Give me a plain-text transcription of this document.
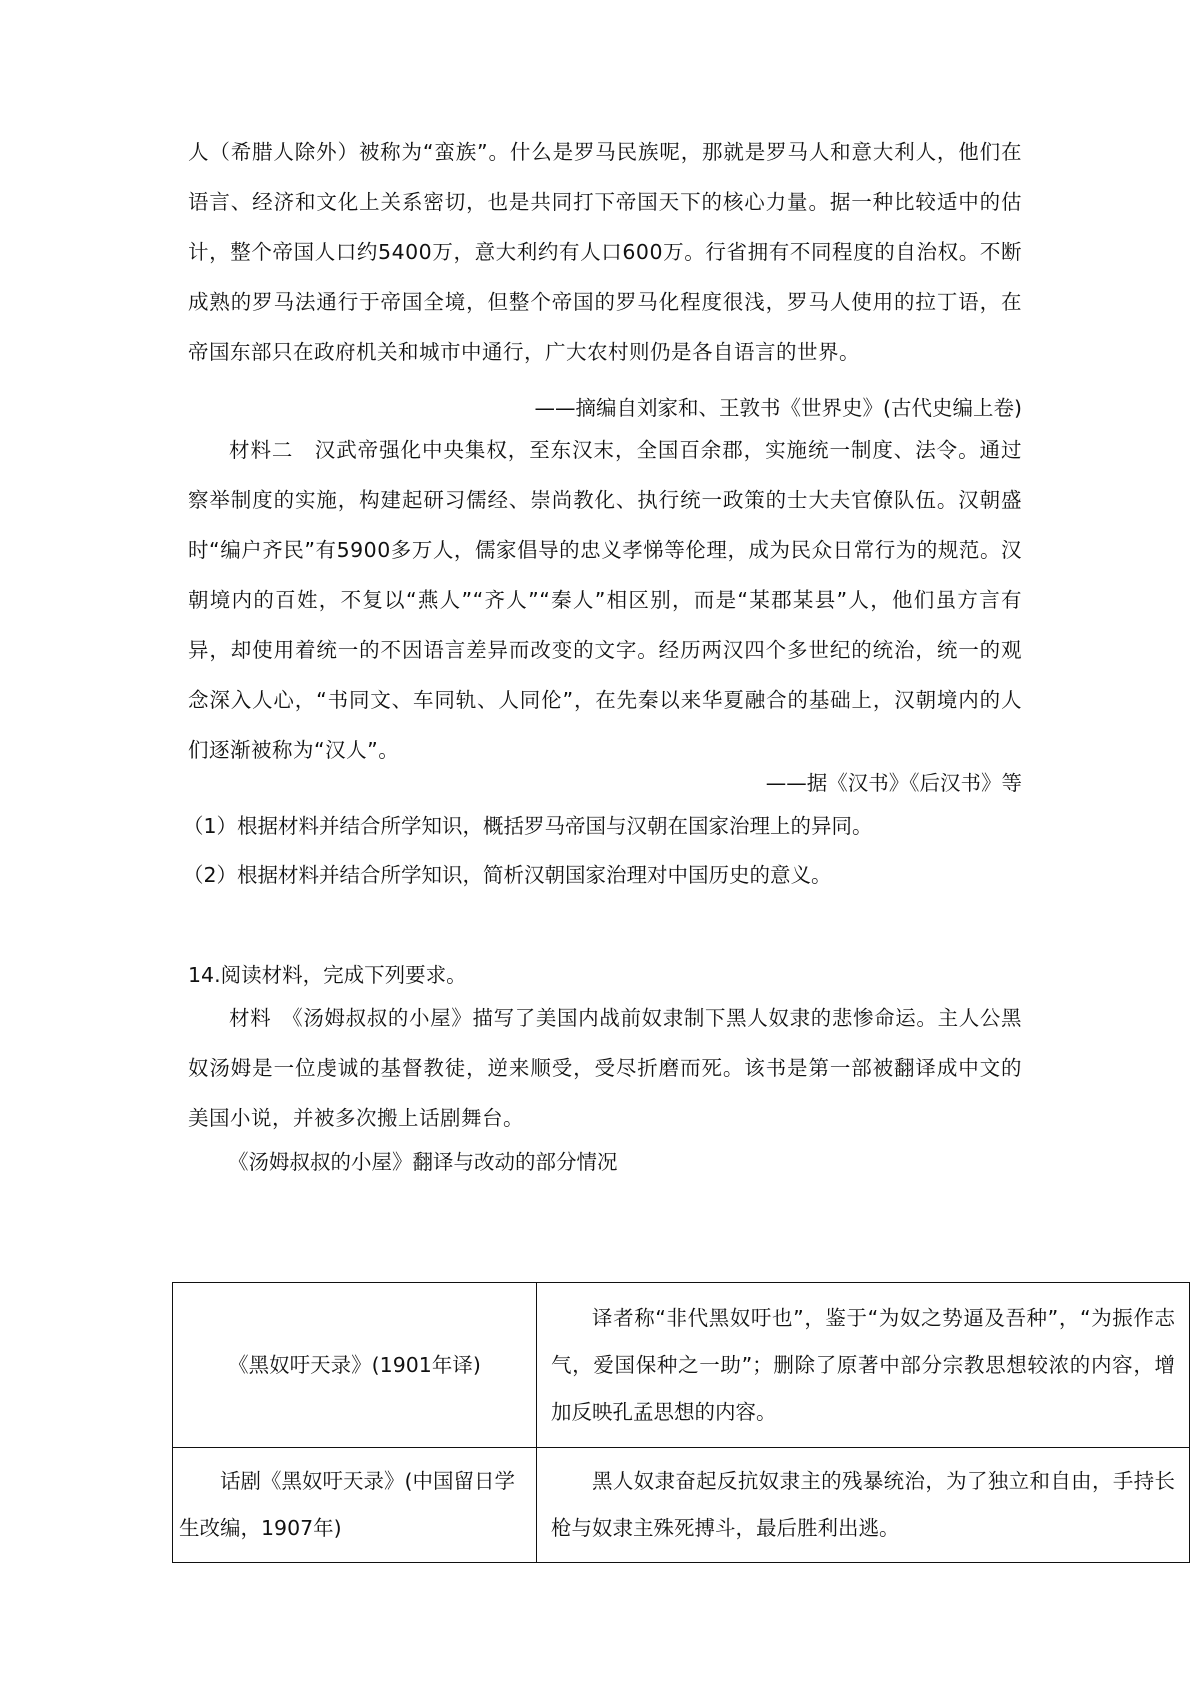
人（希腊人除外）被称为“蛮族”。什么是罗马民族呢，那就是罗马人和意大利人，他们在语言、经济和文化上关系密切，也是共同打下帝国天下的核心力量。据一种比较适中的估计，整个帝国人口约5400万，意大利约有人口600万。行省拥有不同程度的自治权。不断成熟的罗马法通行于帝国全境，但整个帝国的罗马化程度很浅，罗马人使用的拉丁语，在帝国东部只在政府机关和城市中通行，广大农村则仍是各自语言的世界。

——摘编自刘家和、王敦书《世界史》(古代史编上卷)

材料二　汉武帝强化中央集权，至东汉末，全国百余郡，实施统一制度、法令。通过察举制度的实施，构建起研习儒经、崇尚教化、执行统一政策的士大夫官僚队伍。汉朝盛时“编户齐民”有5900多万人，儒家倡导的忠义孝悌等伦理，成为民众日常行为的规范。汉朝境内的百姓，不复以“燕人”“齐人”“秦人”相区别，而是“某郡某县”人，他们虽方言有异，却使用着统一的不因语言差异而改变的文字。经历两汉四个多世纪的统治，统一的观念深入人心，“书同文、车同轨、人同伦”，在先秦以来华夏融合的基础上，汉朝境内的人们逐渐被称为“汉人”。

——据《汉书》《后汉书》等
（1）根据材料并结合所学知识，概括罗马帝国与汉朝在国家治理上的异同。
（2）根据材料并结合所学知识，简析汉朝国家治理对中国历史的意义。
14.阅读材料，完成下列要求。

材料　《汤姆叔叔的小屋》描写了美国内战前奴隶制下黑人奴隶的悲惨命运。主人公黑奴汤姆是一位虔诚的基督教徒，逆来顺受，受尽折磨而死。该书是第一部被翻译成中文的美国小说，并被多次搬上话剧舞台。

《汤姆叔叔的小屋》翻译与改动的部分情况
《黑奴吁天录》(1901年译)	译者称“非代黑奴吁也”，鉴于“为奴之势逼及吾种”，“为振作志气，爱国保种之一助”；删除了原著中部分宗教思想较浓的内容，增加反映孔孟思想的内容。
话剧《黑奴吁天录》(中国留日学生改编，1907年)	黑人奴隶奋起反抗奴隶主的残暴统治，为了独立和自由，手持长枪与奴隶主殊死搏斗，最后胜利出逃。
